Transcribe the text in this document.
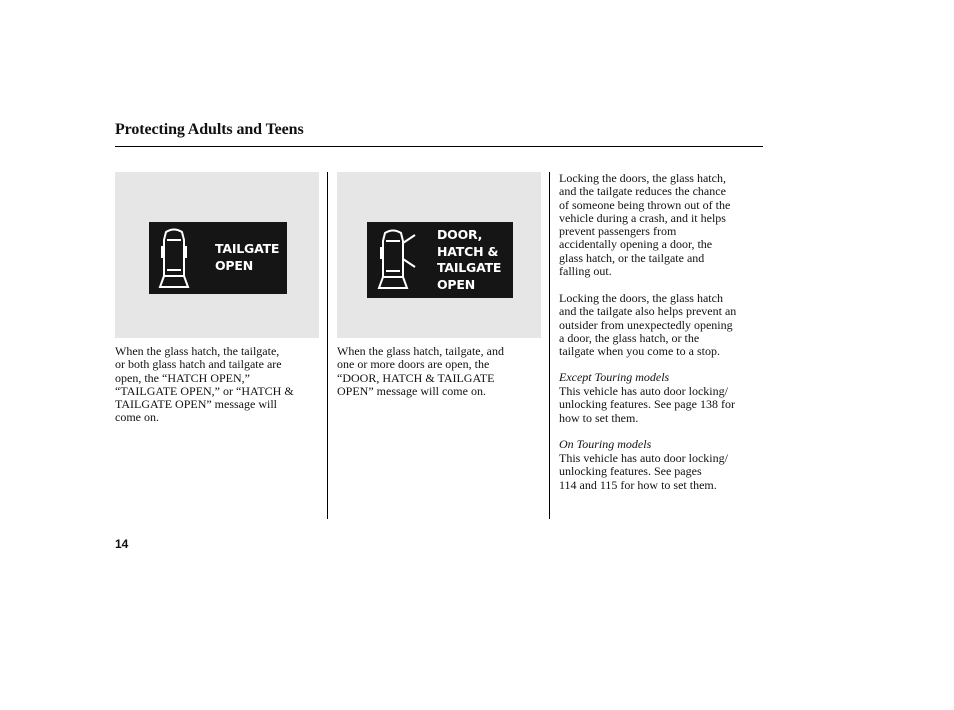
Protecting Adults and Teens
TAILGATE
OPEN
DOOR,
HATCH &
TAILGATE
OPEN
When the glass hatch, the tailgate,
or both glass hatch and tailgate are
open, the “HATCH OPEN,”
“TAILGATE OPEN,” or “HATCH &
TAILGATE OPEN” message will
come on.
When the glass hatch, tailgate, and
one or more doors are open, the
“DOOR, HATCH & TAILGATE
OPEN” message will come on.
Locking the doors, the glass hatch,
and the tailgate reduces the chance
of someone being thrown out of the
vehicle during a crash, and it helps
prevent passengers from
accidentally opening a door, the
glass hatch, or the tailgate and
falling out.
Locking the doors, the glass hatch
and the tailgate also helps prevent an
outsider from unexpectedly opening
a door, the glass hatch, or the
tailgate when you come to a stop.
Except Touring models
This vehicle has auto door locking/
unlocking features. See page 138 for
how to set them.
On Touring models
This vehicle has auto door locking/
unlocking features. See pages
114 and 115 for how to set them.
14
